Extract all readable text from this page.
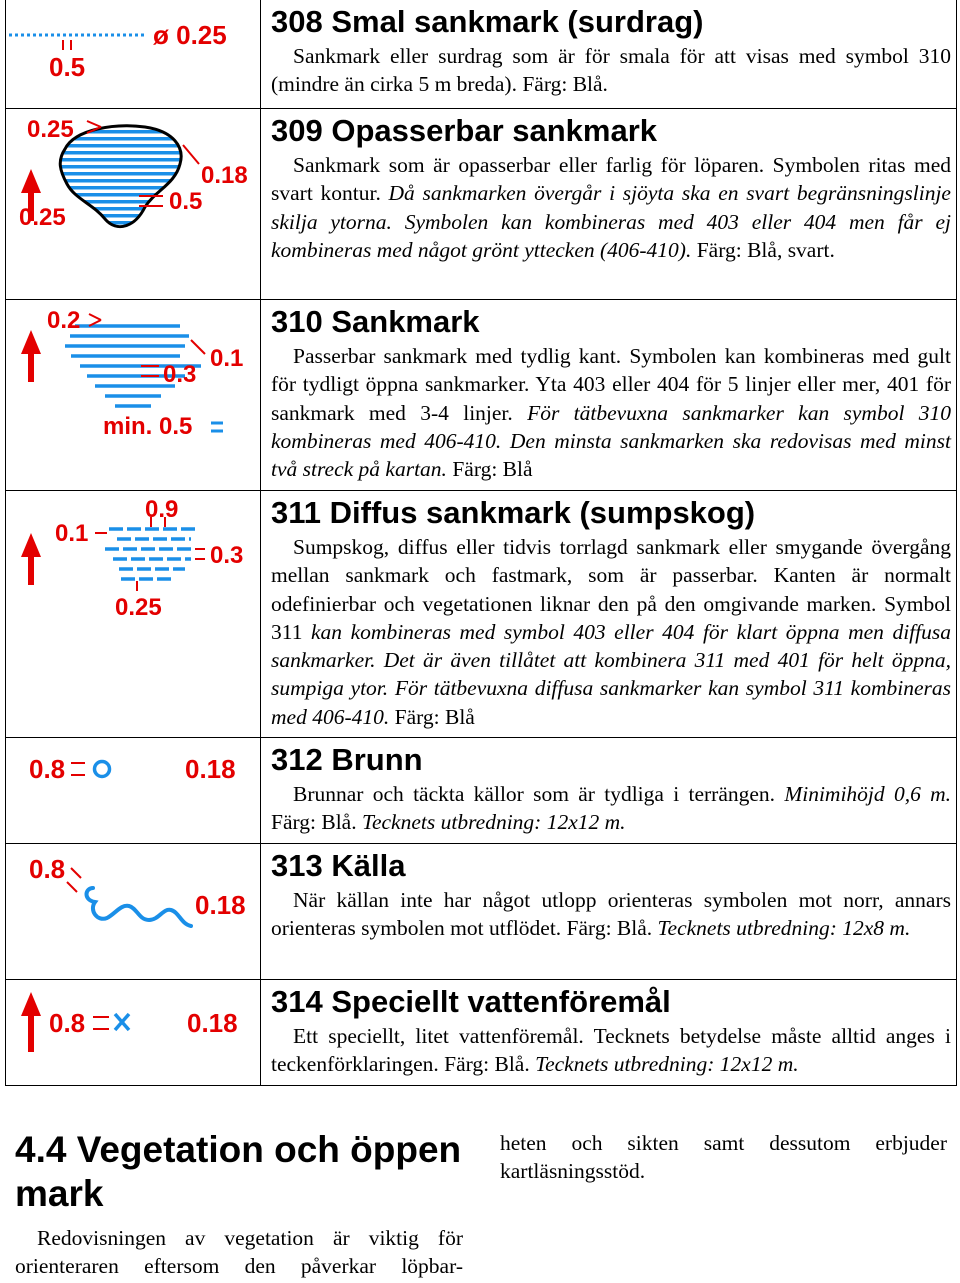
ø 0.25
0.5
308 Smal sankmark (surdrag)
Sankmark eller surdrag som är för smala för att visas med symbol 310 (mindre än cirka 5 m breda). Färg: Blå.
0.25
0.18
0.5
0.25
309 Opasserbar sankmark
Sankmark som är opasserbar eller farlig för löparen. Symbolen ritas med svart kontur. Då sankmarken övergår i sjöyta ska en svart begränsningslinje skilja ytorna. Symbolen kan kombineras med 403 eller 404 men får ej kombineras med något grönt yttecken (406-410). Färg: Blå, svart.
0.2
0.1
0.3
min. 0.5
310 Sankmark
Passerbar sankmark med tydlig kant. Symbolen kan kombineras med gult för tydligt öppna sankmarker. Yta 403 eller 404 för 5 linjer eller mer, 401 för sankmark med 3-4 linjer. För tätbevuxna sankmarker kan symbol 310 kombineras med 406-410. Den minsta sankmarken ska redovisas med minst två streck på kartan. Färg: Blå
0.9
0.1
0.3
0.25
311 Diffus sankmark (sumpskog)
Sumpskog, diffus eller tidvis torrlagd sankmark eller smygande övergång mellan sankmark och fastmark, som är passerbar. Kanten är normalt odefinierbar och vegetationen liknar den på den omgivande marken. Symbol 311 kan kombineras med symbol 403 eller 404 för klart öppna men diffusa sankmarker. Det är även tillåtet att kombinera 311 med 401 för helt öppna, sumpiga ytor. För tätbevuxna diffusa sankmarker kan symbol 311 kombineras med 406-410. Färg: Blå
0.8	0.18 312 Brunn
Brunnar och täckta källor som är tydliga i terrängen. Minimihöjd 0,6 m. Färg: Blå. Tecknets utbredning: 12x12 m.
0.8
0.18
313 Källa
När källan inte har något utlopp orienteras symbolen mot norr, annars orienteras symbolen mot utflödet. Färg: Blå. Tecknets utbredning: 12x8 m.
0.8	0.18
314 Speciellt vattenföremål
Ett speciellt, litet vattenföremål. Tecknets betydelse måste alltid anges i teckenförklaringen. Färg: Blå. Tecknets utbredning: 12x12 m.
4.4 Vegetation och öppen mark
Redovisningen av vegetation är viktig för orienteraren eftersom den påverkar löpbar-
heten och sikten samt dessutom erbjuder
kartläsningsstöd.
